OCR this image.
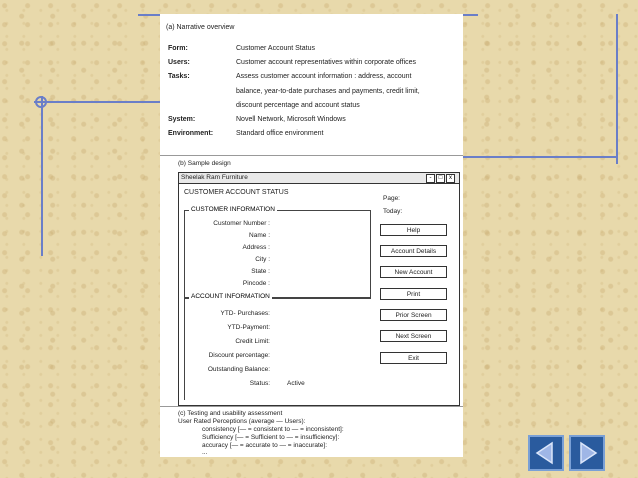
(a) Narrative overview
Form:	Customer Account Status
Users:	Customer account representatives within corporate offices
Tasks:	Assess customer account information : address, account
balance, year-to-date purchases and payments, credit limit,
discount percentage and account status
System:	Novell Network, Microsoft Windows
Environment:	Standard office environment
(b) Sample design
Sheelak Ram Furniture	-	□	x
CUSTOMER ACCOUNT STATUS
Page:
Today:
CUSTOMER INFORMATION
Customer Number :
Name :
Address :
City :
State :
Pincode :
ACCOUNT INFORMATION
YTD- Purchases:
YTD-Payment:
Credit Limit:
Discount percentage:
Outstanding Balance:
Status:	Active
Help
Account Details
New Account
Print
Prior Screen
Next Screen
Exit
(c) Testing and usability assessment
User Rated Perceptions (average — Users):
consistency [— = consistent to — = inconsistent]:
Sufficiency [— = Sufficient to — = insufficiency]:
accuracy [— = accurate to — = inaccurate]:
...
